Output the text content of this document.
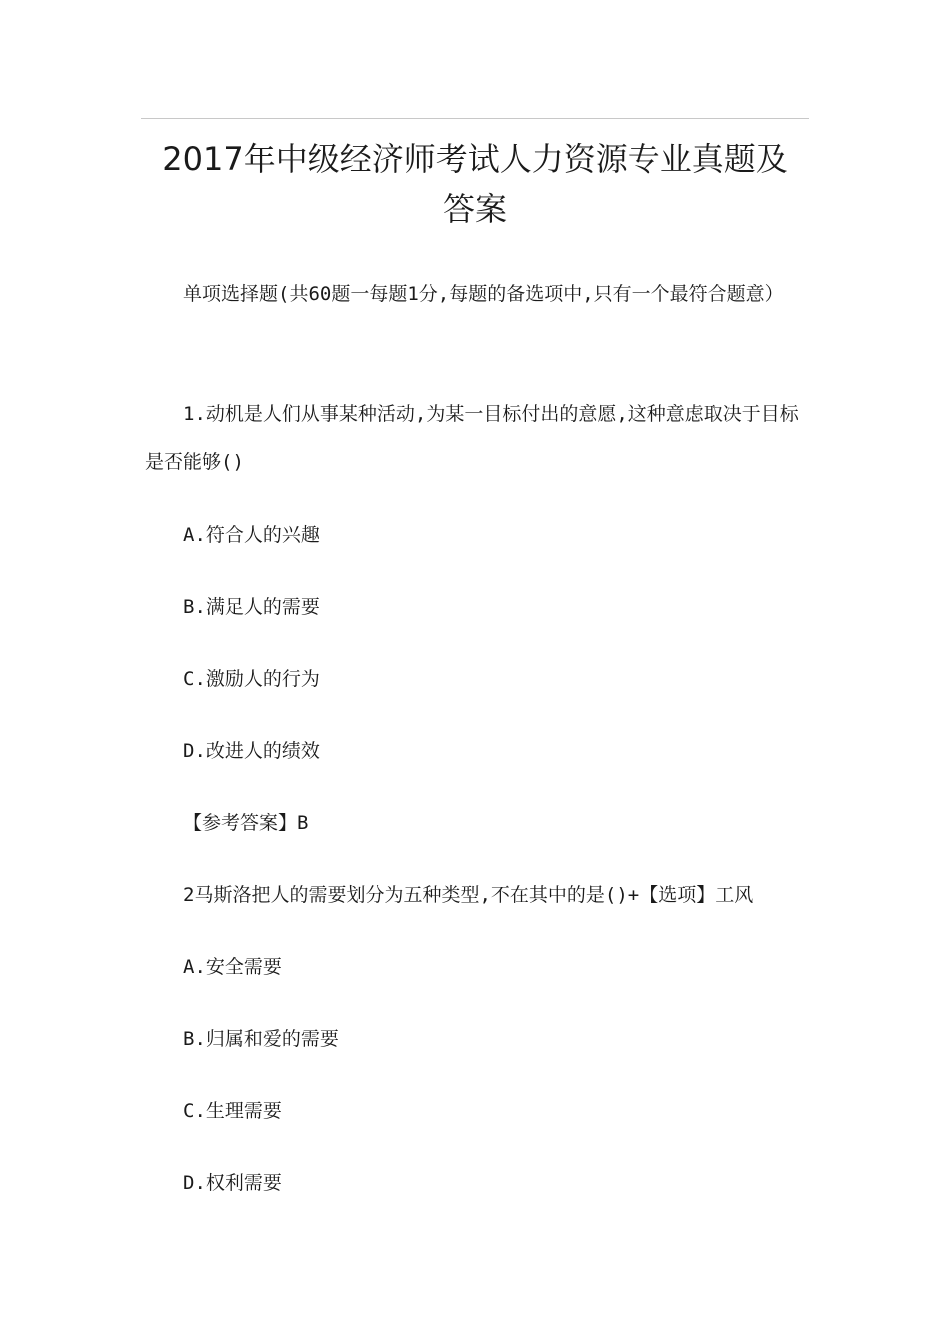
2017年中级经济师考试人力资源专业真题及
答案

单项选择题(共60题一每题1分,每题的备选项中,只有一个最符合题意）

1.动机是人们从事某种活动,为某一目标付出的意愿,这种意虑取决于目标是否能够()

A.符合人的兴趣
B.满足人的需要
C.激励人的行为
D.改进人的绩效
【参考答案】B
2马斯洛把人的需要划分为五种类型,不在其中的是()+【选项】工风
A.安全需要
B.归属和爱的需要
C.生理需要
D.权利需要
